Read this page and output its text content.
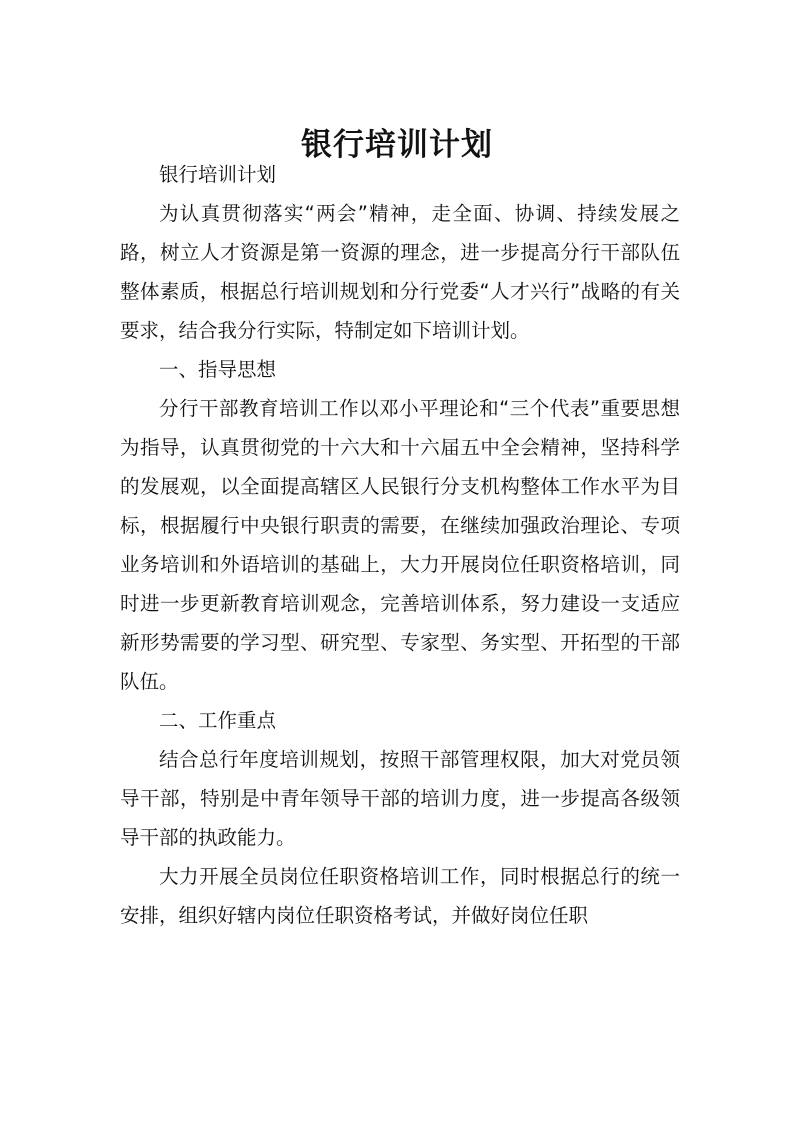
银行培训计划

银行培训计划

为认真贯彻落实“两会”精神，走全面、协调、持续发展之路，树立人才资源是第一资源的理念，进一步提高分行干部队伍整体素质，根据总行培训规划和分行党委“人才兴行”战略的有关要求，结合我分行实际，特制定如下培训计划。

一、指导思想

分行干部教育培训工作以邓小平理论和“三个代表”重要思想为指导，认真贯彻党的十六大和十六届五中全会精神，坚持科学的发展观，以全面提高辖区人民银行分支机构整体工作水平为目标，根据履行中央银行职责的需要，在继续加强政治理论、专项业务培训和外语培训的基础上，大力开展岗位任职资格培训，同时进一步更新教育培训观念，完善培训体系，努力建设一支适应新形势需要的学习型、研究型、专家型、务实型、开拓型的干部队伍。

二、工作重点

结合总行年度培训规划，按照干部管理权限，加大对党员领导干部，特别是中青年领导干部的培训力度，进一步提高各级领导干部的执政能力。

大力开展全员岗位任职资格培训工作，同时根据总行的统一安排，组织好辖内岗位任职资格考试，并做好岗位任职
